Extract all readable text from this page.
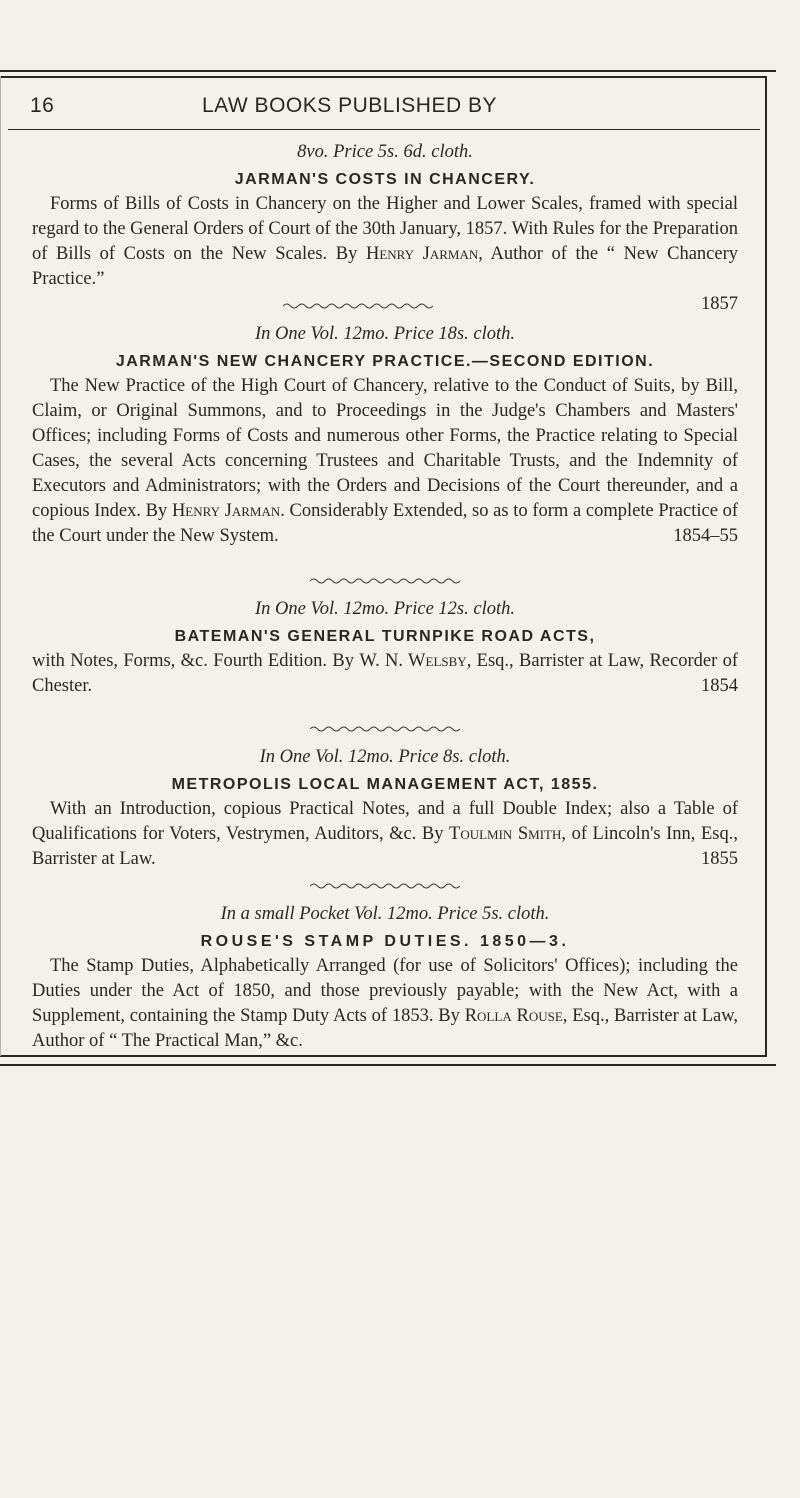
16	LAW BOOKS PUBLISHED BY
8vo. Price 5s. 6d. cloth.
JARMAN'S COSTS IN CHANCERY.
Forms of Bills of Costs in Chancery on the Higher and Lower Scales, framed with special regard to the General Orders of Court of the 30th January, 1857. With Rules for the Preparation of Bills of Costs on the New Scales. By Henry Jarman, Author of the “ New Chancery Practice.”

1857
In One Vol. 12mo. Price 18s. cloth.
JARMAN'S NEW CHANCERY PRACTICE.—SECOND EDITION.
The New Practice of the High Court of Chancery, relative to the Conduct of Suits, by Bill, Claim, or Original Summons, and to Proceedings in the Judge's Chambers and Masters' Offices; including Forms of Costs and numerous other Forms, the Practice relating to Special Cases, the several Acts concerning Trustees and Charitable Trusts, and the Indemnity of Executors and Administrators; with the Orders and Decisions of the Court thereunder, and a copious Index. By Henry Jarman. Considerably Extended, so as to form a complete Practice of the Court under the New System.	1854–55
In One Vol. 12mo. Price 12s. cloth.
BATEMAN'S GENERAL TURNPIKE ROAD ACTS,
with Notes, Forms, &c. Fourth Edition. By W. N. Welsby, Esq., Barrister at Law, Recorder of Chester.	1854
In One Vol. 12mo. Price 8s. cloth.
METROPOLIS LOCAL MANAGEMENT ACT, 1855.
With an Introduction, copious Practical Notes, and a full Double Index; also a Table of Qualifications for Voters, Vestrymen, Auditors, &c. By Toulmin Smith, of Lincoln's Inn, Esq., Barrister at Law.	1855
In a small Pocket Vol. 12mo. Price 5s. cloth.
ROUSE'S STAMP DUTIES. 1850—3.
The Stamp Duties, Alphabetically Arranged (for use of Solicitors' Offices); including the Duties under the Act of 1850, and those previously payable; with the New Act, with a Supplement, containing the Stamp Duty Acts of 1853. By Rolla Rouse, Esq., Barrister at Law, Author of “ The Practical Man,” &c.
